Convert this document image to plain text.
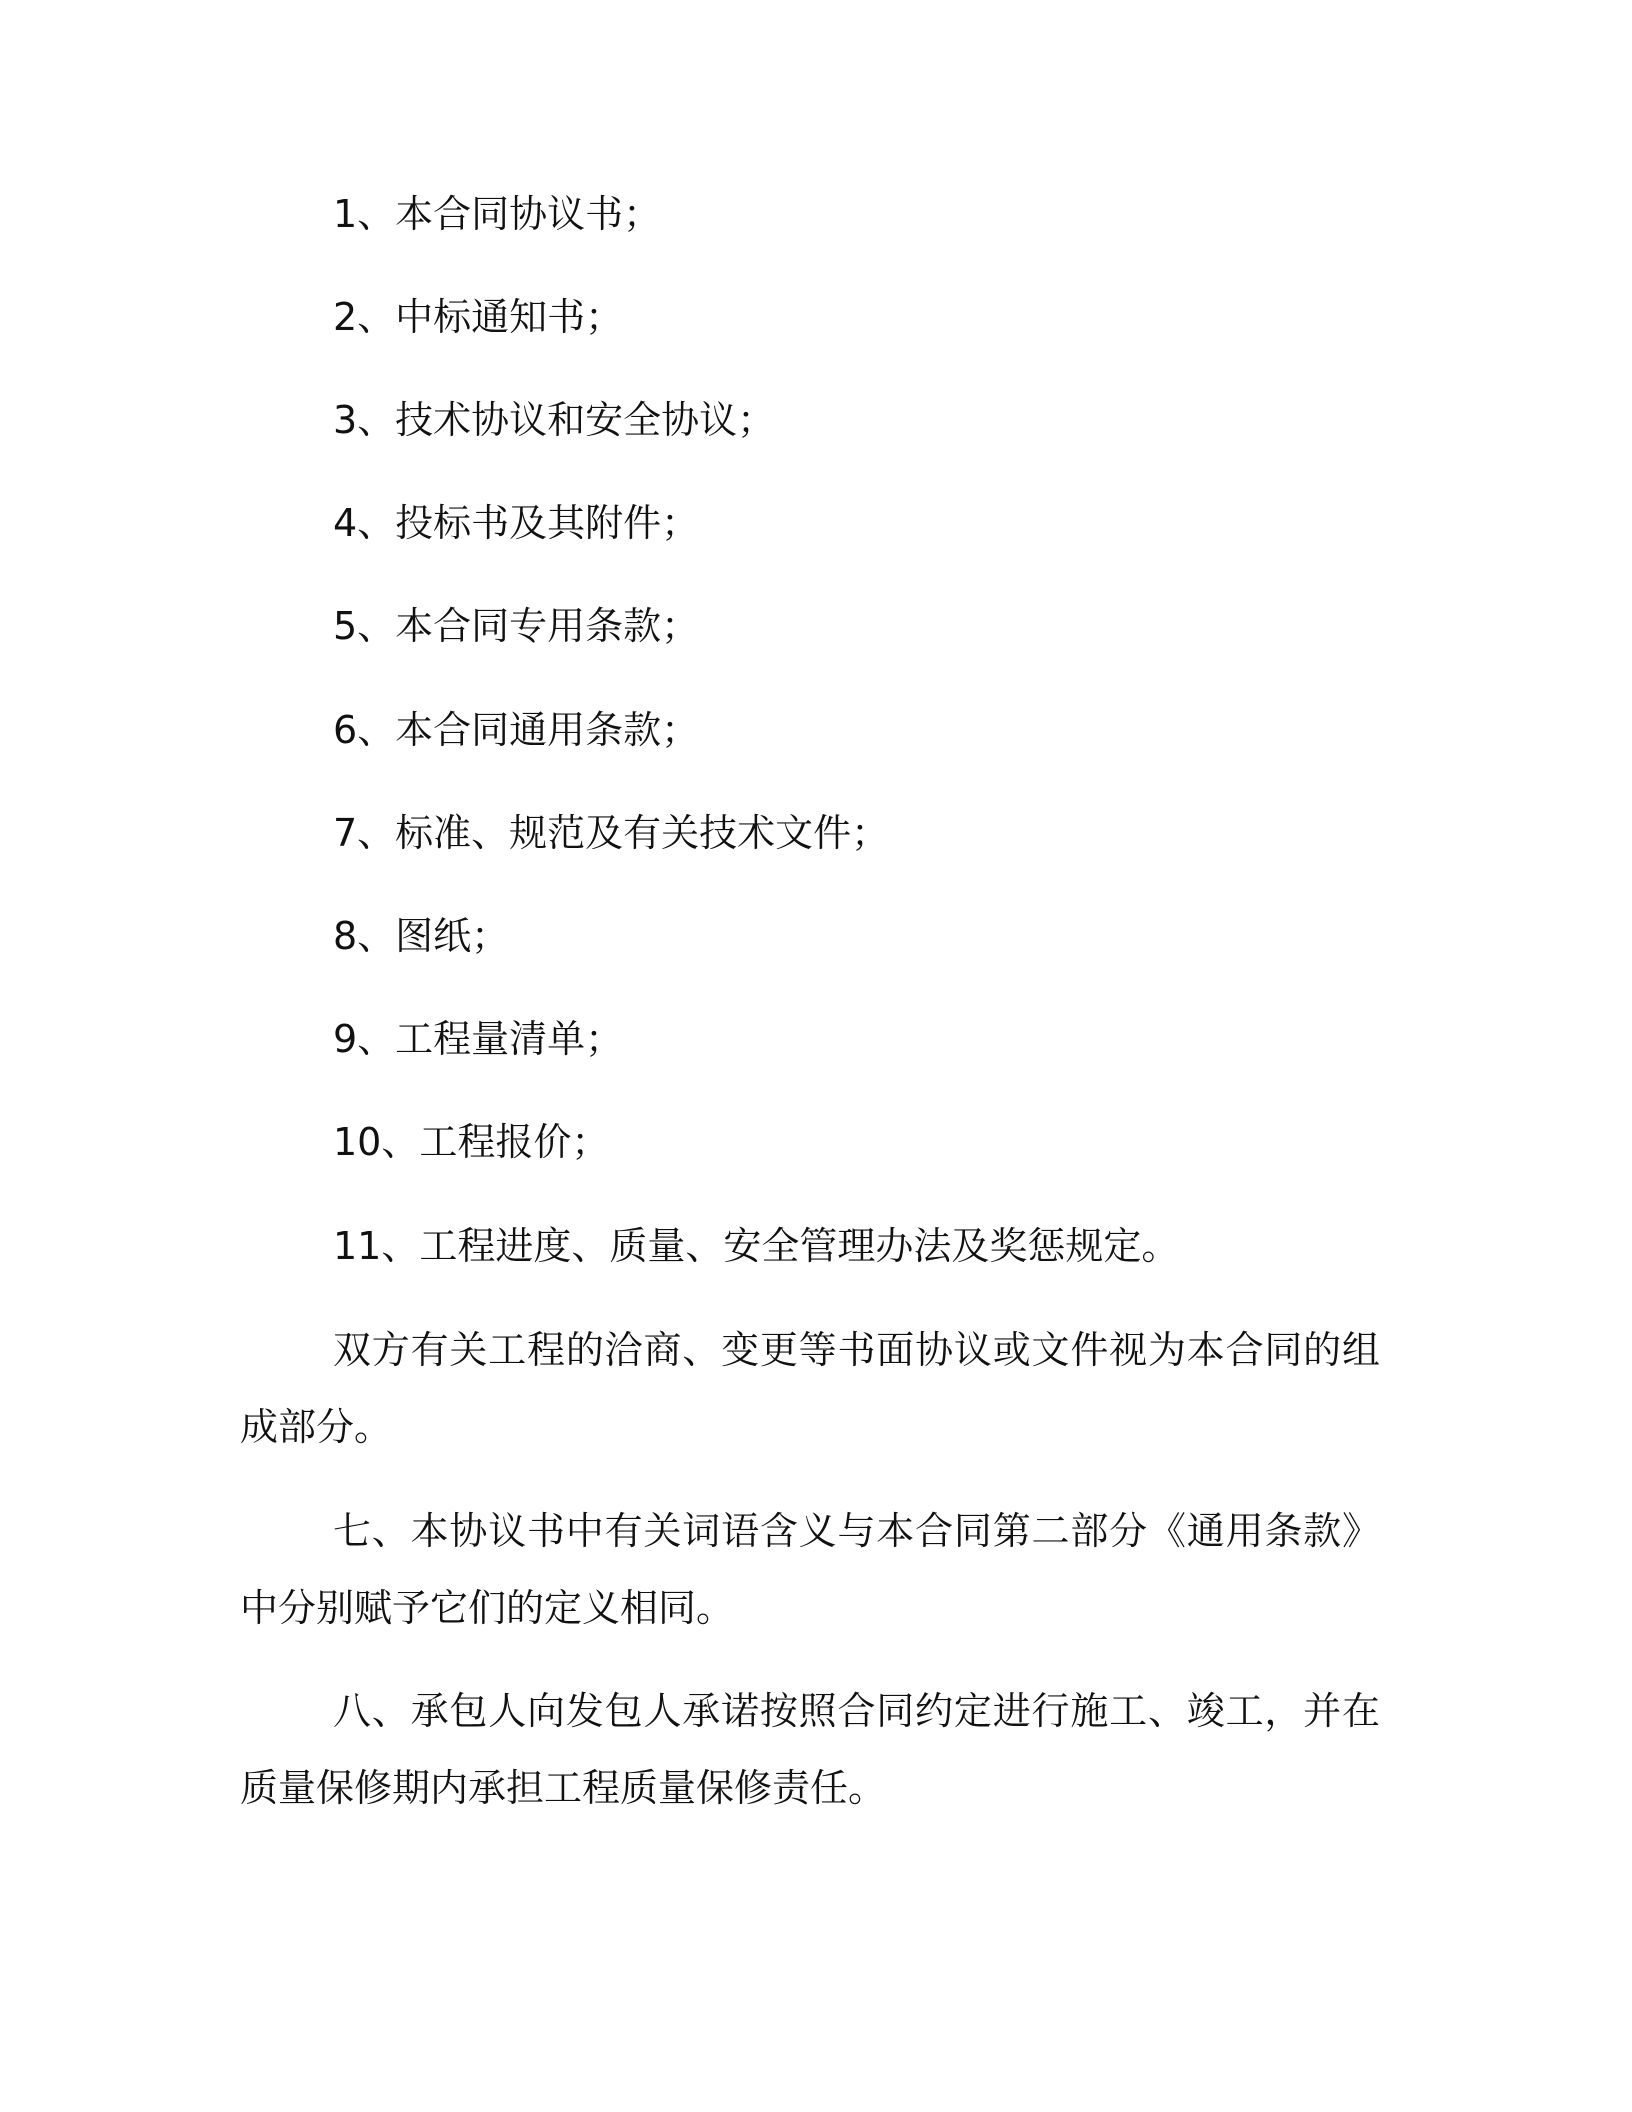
1、本合同协议书；
2、中标通知书；
3、技术协议和安全协议；
4、投标书及其附件；
5、本合同专用条款；
6、本合同通用条款；
7、标准、规范及有关技术文件；
8、图纸；
9、工程量清单；
10、工程报价；
11、工程进度、质量、安全管理办法及奖惩规定。

双方有关工程的洽商、变更等书面协议或文件视为本合同的组成部分。

七、本协议书中有关词语含义与本合同第二部分《通用条款》中分别赋予它们的定义相同。

八、承包人向发包人承诺按照合同约定进行施工、竣工，并在质量保修期内承担工程质量保修责任。
